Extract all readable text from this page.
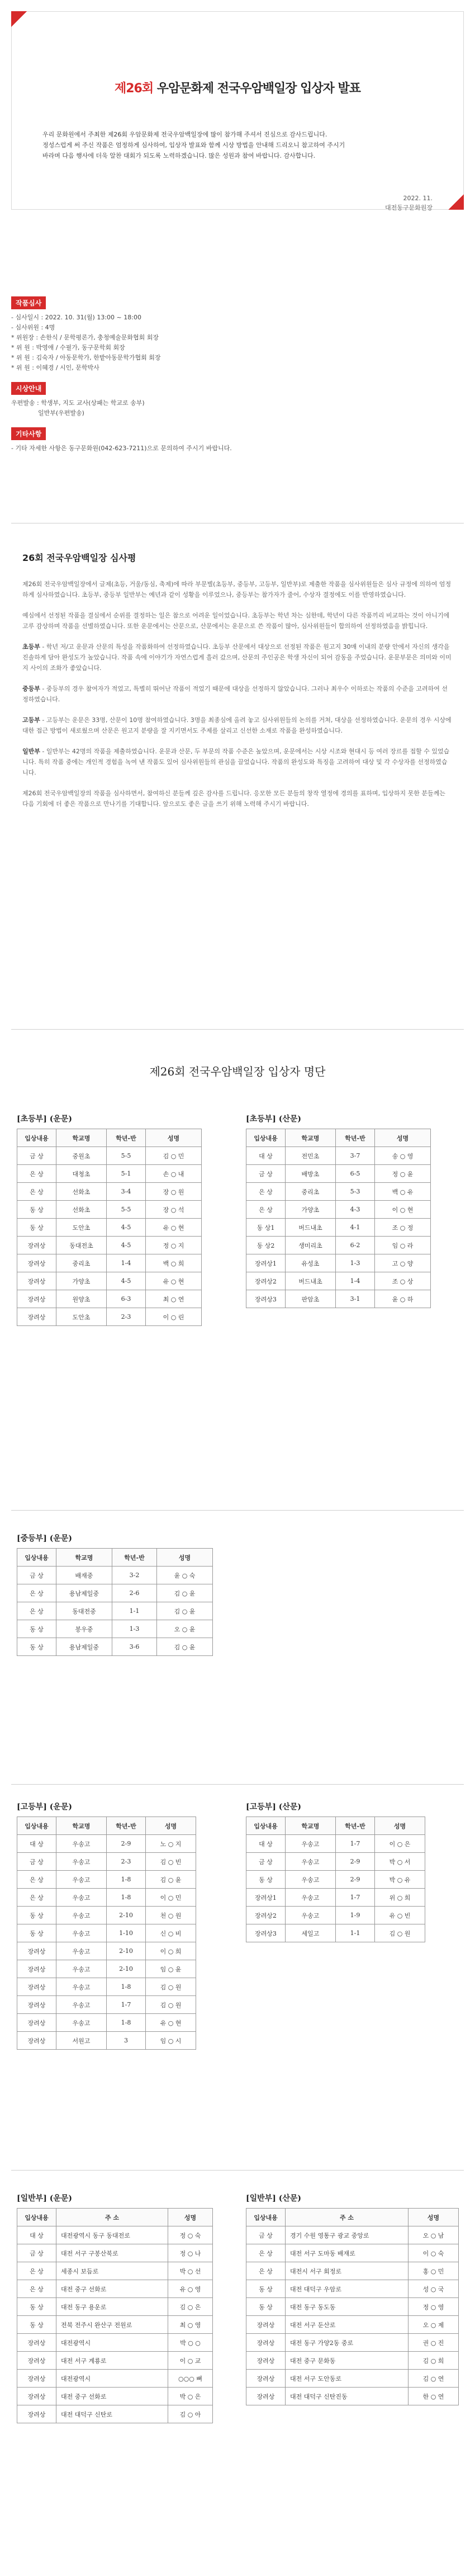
제26회 우암문화제 전국우암백일장 입상자 발표

우리 문화원에서 주최한 제26회 우암문화제 전국우암백일장에 많이 참가해 주셔서 진심으로 감사드립니다.

정성스럽게 써 주신 작품은 엄정하게 심사하여, 입상자 발표와 함께 시상 방법을 안내해 드리오니 참고하여 주시기

바라며 다음 행사에 더욱 알찬 대회가 되도록 노력하겠습니다. 많은 성원과 참여 바랍니다. 감사합니다.

2022. 11.

대전동구문화원장

작품심사

- 심사일시 : 2022. 10. 31(월) 13:00 ~ 18:00

- 심사위원 : 4명

* 위원장 : 손한식 / 문학평론가, 충청예술문화협회 회장

* 위 원 : 박영애 / 수필가, 동구문학회 회장

* 위 원 : 김숙자 / 아동문학가, 한밭아동문학가협회 회장

* 위 원 : 이혜경 / 시인, 문학박사

시상안내

우편발송 : 학생부, 지도 교사(상패는 학교로 송부)

일반부(우편발송)

기타사항

- 기타 자세한 사항은 동구문화원(042-623-7211)으로 문의하여 주시기 바랍니다.

26회 전국우암백일장 심사평

제26회 전국우암백일장에서 글제(초등, 거울/동심, 축제)에 따라 부문별(초등부, 중등부, 고등부, 일반부)로 제출한 작품을 심사위원들은 심사 규정에 의하여 엄정하게 심사하였습니다. 초등부, 중등부 일반부는 예년과 같이 성황을 이루었으나, 중등부는 참가자가 줄어, 수상자 결정에도 이를 반영하였습니다.

예심에서 선정된 작품을 결심에서 순위를 결정하는 일은 참으로 어려운 일이었습니다. 초등부는 학년 차는 심한데, 학년이 다른 작품끼리 비교하는 것이 아니기에 고루 감상하며 작품을 선별하였습니다. 또한 운문에서는 산문으로, 산문에서는 운문으로 쓴 작품이 많아, 심사위원들이 합의하여 선정하였음을 밝힙니다.

초등부 - 학년 저/고 운문과 산문의 특성을 작품화하여 선정하였습니다. 초등부 산문에서 대상으로 선정된 작품은 원고지 30매 이내의 분량 안에서 자신의 생각을 진솔하게 담아 완성도가 높았습니다. 작품 속에 이야기가 자연스럽게 흘러 갔으며, 산문의 주인공은 학생 자신이 되어 감동을 주었습니다. 운문부문은 의미와 이미지 사이의 조화가 좋았습니다.

중등부 - 중등부의 경우 참여자가 적었고, 특별히 뛰어난 작품이 적었기 때문에 대상을 선정하지 않았습니다. 그러나 최우수 이하로는 작품의 수준을 고려하여 선정하였습니다.

고등부 - 고등부는 운문은 33명, 산문이 10명 참여하였습니다. 3명을 최종심에 올려 놓고 심사위원들의 논의를 거쳐, 대상을 선정하였습니다. 운문의 경우 시상에 대한 접근 방법이 새로웠으며 산문은 원고지 분량을 잘 지키면서도 주제를 살리고 신선한 소재로 작품을 완성하였습니다.

일반부 - 일반부는 42명의 작품을 제출하였습니다. 운문과 산문, 두 부문의 작품 수준은 높았으며, 운문에서는 시상 시조와 현대시 등 여러 장르를 접할 수 있었습니다. 특히 작품 중에는 개인적 경험을 녹여 낸 작품도 있어 심사위원들의 관심을 끌었습니다. 작품의 완성도와 특징을 고려하여 대상 및 각 수상자를 선정하였습니다.

제26회 전국우암백일장의 작품을 심사하면서, 참여하신 분들께 깊은 감사를 드립니다. 응모한 모든 분들의 창작 열정에 경의를 표하며, 입상하지 못한 분들께는 다음 기회에 더 좋은 작품으로 만나기를 기대합니다. 앞으로도 좋은 글을 쓰기 위해 노력해 주시기 바랍니다.

제26회 전국우암백일장 입상자 명단
[초등부] (운문)
입상내용	학교명	학년-반	성명
금 상	중원초	5-5	김 ○ 민
은 상	대청초	5-1	손 ○ 내
은 상	선화초	3-4	장 ○ 원
동 상	선화초	5-5	장 ○ 석
동 상	도안초	4-5	유 ○ 현
장려상	동대전초	4-5	정 ○ 지
장려상	중리초	1-4	백 ○ 희
장려상	가양초	4-5	유 ○ 현
장려상	원양초	6-3	최 ○ 연
장려상	도안초	2-3	이 ○ 린
[초등부] (산문)
입상내용	학교명	학년-반	성명
대 상	전민초	3-7	송 ○ 영
금 상	배방초	6-5	정 ○ 윤
은 상	중리초	5-3	백 ○ 유
은 상	가양초	4-3	이 ○ 현
동 상1	버드내초	4-1	조 ○ 정
동 상2	생미리초	6-2	임 ○ 라
장려상1	유성초	1-3	고 ○ 양
장려상2	버드내초	1-4	조 ○ 상
장려상3	판암초	3-1	윤 ○ 하
[중등부] (운문)
입상내용	학교명	학년-반	성명
금 상	배재중	3-2	윤 ○ 숙
은 상	용남제일중	2-6	김 ○ 윤
은 상	동대전중	1-1	김 ○ 윤
동 상	봉우중	1-3	오 ○ 윤
동 상	용남제일중	3-6	김 ○ 윤
[고등부] (운문)
입상내용	학교명	학년-반	성명
대 상	우송고	2-9	노 ○ 지
금 상	우송고	2-3	김 ○ 빈
은 상	우송고	1-8	김 ○ 윤
은 상	우송고	1-8	이 ○ 민
동 상	우송고	2-10	천 ○ 원
동 상	우송고	1-10	신 ○ 비
장려상	우송고	2-10	이 ○ 희
장려상	우송고	2-10	임 ○ 윤
장려상	우송고	1-8	김 ○ 원
장려상	우송고	1-7	김 ○ 원
장려상	우송고	1-8	유 ○ 현
장려상	서원고	3	임 ○ 시
[고등부] (산문)
입상내용	학교명	학년-반	성명
대 상	우송고	1-7	이 ○ 은
금 상	우송고	2-9	박 ○ 서
동 상	우송고	2-9	박 ○ 유
장려상1	우송고	1-7	위 ○ 희
장려상2	우송고	1-9	유 ○ 빈
장려상3	세일고	1-1	김 ○ 원
[일반부] (운문)
입상내용	주 소	성명
대 상	대전광역시 동구 동대전로	정 ○ 숙
금 상	대전 서구 구봉산북로	정 ○ 나
은 상	세종시 보듬로	박 ○ 선
은 상	대전 중구 선화로	유 ○ 영
동 상	대전 동구 용운로	김 ○ 은
동 상	전북 전주시 완산구 전원로	최 ○ 영
장려상	대전광역시	박 ○ ○
장려상	대전 서구 계룡로	이 ○ 교
장려상	대전광역시	○○○ 뼈
장려상	대전 중구 선화로	박 ○ 은
장려상	대전 대덕구 신탄로	김 ○ 아
[일반부] (산문)
입상내용	주 소	성명
금 상	경기 수원 영통구 광교 중앙로	오 ○ 남
은 상	대전 서구 도마동 배재로	이 ○ 숙
은 상	대전시 서구 회정로	홍 ○ 민
동 상	대전 대덕구 우암로	성 ○ 국
동 상	대전 동구 동도동	정 ○ 영
장려상	대전 서구 둔산로	오 ○ 제
장려상	대전 동구 가양2동 중로	권 ○ 진
장려상	대전 중구 문화동	김 ○ 희
장려상	대전 서구 도안동로	김 ○ 연
장려상	대전 대덕구 신탄진동	한 ○ 연
